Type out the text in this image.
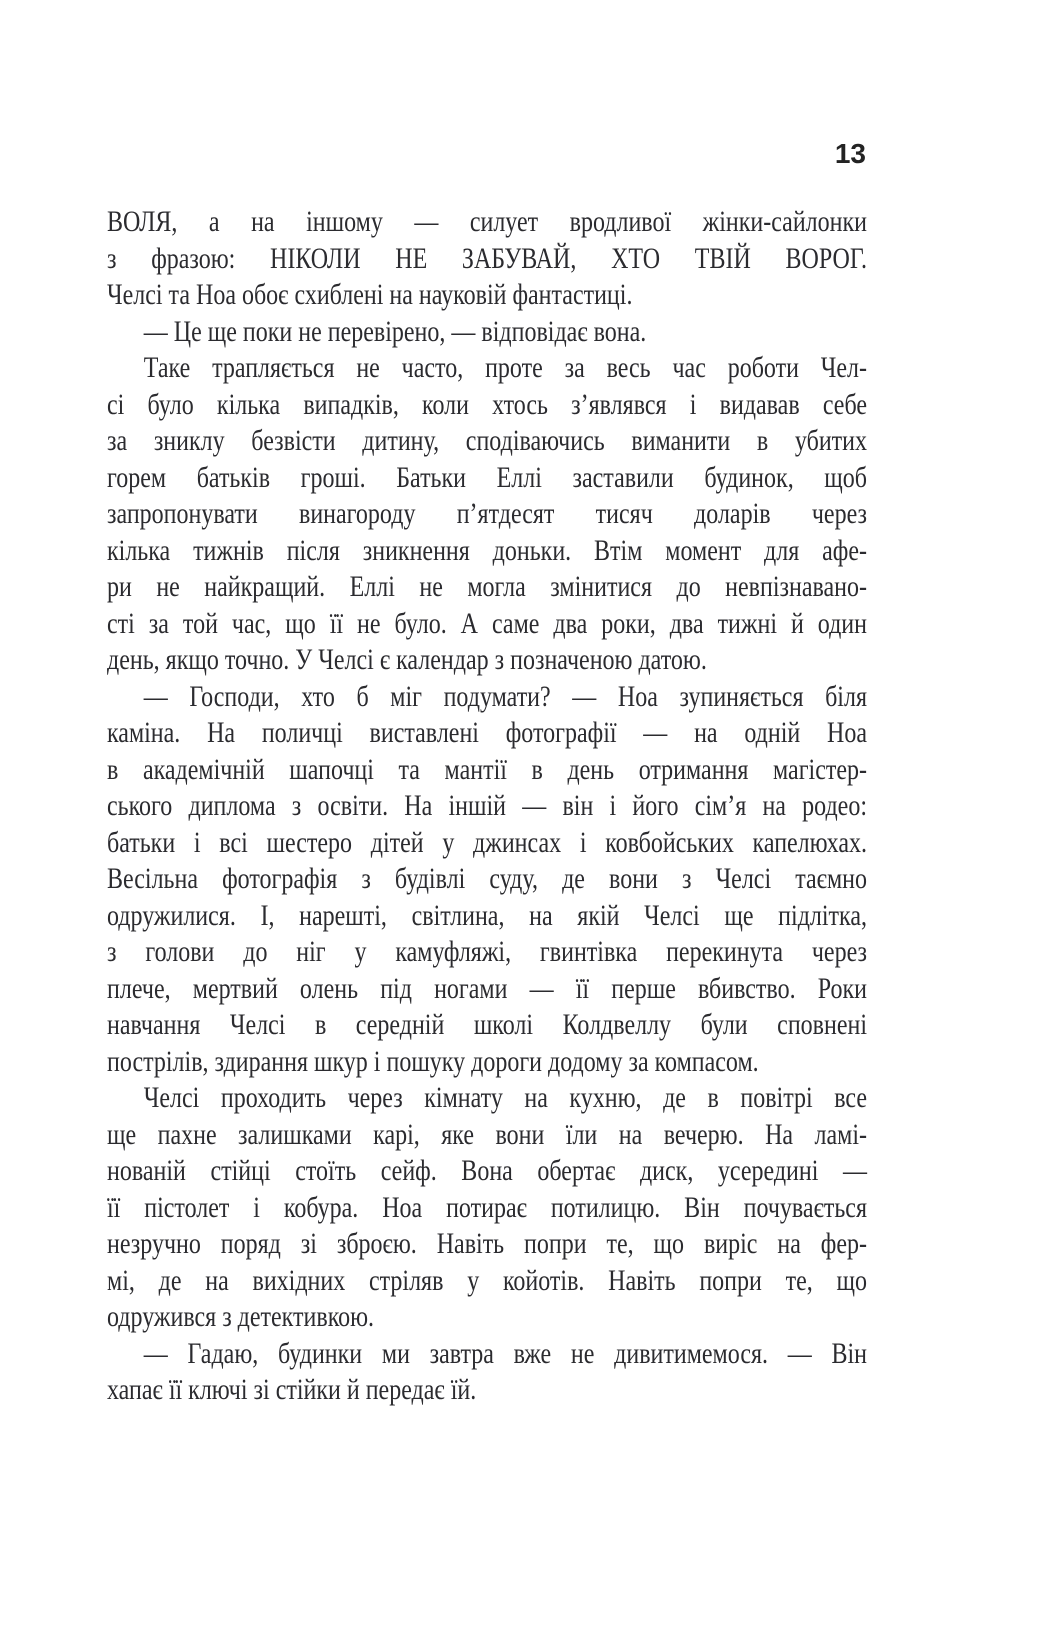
13
ВОЛЯ, а на іншому — силует вродливої жінки-сайлонки
з фразою: НІКОЛИ НЕ ЗАБУВАЙ, ХТО ТВІЙ ВОРОГ.
Челсі та Ноа обоє схиблені на науковій фантастиці.
— Це ще поки не перевірено, — відповідає вона.
Таке трапляється не часто, проте за весь час роботи Чел-
сі було кілька випадків, коли хтось з’являвся і видавав себе
за зниклу безвісти дитину, сподіваючись виманити в убитих
горем батьків гроші. Батьки Еллі заставили будинок, щоб
запропонувати винагороду п’ятдесят тисяч доларів через
кілька тижнів після зникнення доньки. Втім момент для афе-
ри не найкращий. Еллі не могла змінитися до невпізнавано-
сті за той час, що її не було. А саме два роки, два тижні й один
день, якщо точно. У Челсі є календар з позначеною датою.
— Господи, хто б міг подумати? — Ноа зупиняється біля
каміна. На поличці виставлені фотографії — на одній Ноа
в академічній шапочці та мантії в день отримання магістер-
ського диплома з освіти. На іншій — він і його сім’я на родео:
батьки і всі шестеро дітей у джинсах і ковбойських капелюхах.
Весільна фотографія з будівлі суду, де вони з Челсі таємно
одружилися. І, нарешті, світлина, на якій Челсі ще підлітка,
з голови до ніг у камуфляжі, гвинтівка перекинута через
плече, мертвий олень під ногами — її перше вбивство. Роки
навчання Челсі в середній школі Колдвеллу були сповнені
пострілів, здирання шкур і пошуку дороги додому за компасом.
Челсі проходить через кімнату на кухню, де в повітрі все
ще пахне залишками карі, яке вони їли на вечерю. На ламі-
нованій стійці стоїть сейф. Вона обертає диск, усередині —
її пістолет і кобура. Ноа потирає потилицю. Він почувається
незручно поряд зі зброєю. Навіть попри те, що виріс на фер-
мі, де на вихідних стріляв у койотів. Навіть попри те, що
одружився з детективкою.
— Гадаю, будинки ми завтра вже не дивитимемося. — Він
хапає її ключі зі стійки й передає їй.
